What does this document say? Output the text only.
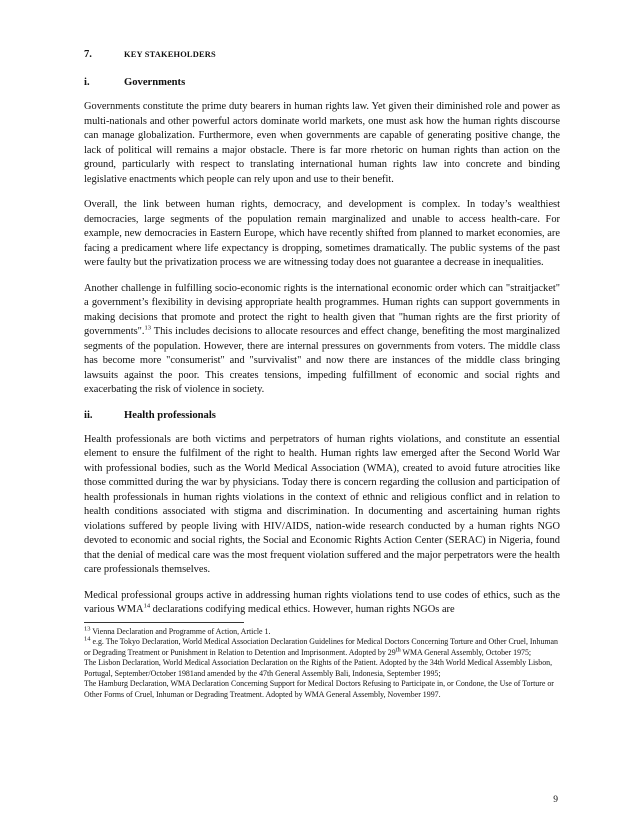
7.	KEY STAKEHOLDERS
i.	Governments

Governments constitute the prime duty bearers in human rights law. Yet given their diminished role and power as multi-nationals and other powerful actors dominate world markets, one must ask how the human rights discourse can manage globalization. Furthermore, even when governments are capable of generating positive change, the lack of political will remains a major obstacle. There is far more rhetoric on human rights than action on the ground, particularly with respect to translating international human rights law into concrete and binding legislative enactments which people can rely upon and use to their benefit.

Overall, the link between human rights, democracy, and development is complex. In today’s wealthiest democracies, large segments of the population remain marginalized and unable to access health-care. For example, new democracies in Eastern Europe, which have recently shifted from planned to market economies, are facing a predicament where life expectancy is dropping, sometimes dramatically. The public systems of the past were faulty but the privatization process we are witnessing today does not guarantee a decrease in inequalities.

Another challenge in fulfilling socio-economic rights is the international economic order which can "straitjacket" a government’s flexibility in devising appropriate health programmes. Human rights can support governments in making decisions that promote and protect the right to health given that "human rights are the first priority of governments".$^{13}$ This includes decisions to allocate resources and effect change, benefiting the most marginalized segments of the population. However, there are internal pressures on governments from voters. The middle class has become more "consumerist" and "survivalist" and now there are instances of the middle class bringing lawsuits against the poor. This creates tensions, impeding fulfillment of economic and social rights and exacerbating the risk of violence in society.

ii.	Health professionals

Health professionals are both victims and perpetrators of human rights violations, and constitute an essential element to ensure the fulfilment of the right to health. Human rights law emerged after the Second World War with professional bodies, such as the World Medical Association (WMA), created to avoid future atrocities like those committed during the war by physicians. Today there is concern regarding the collusion and participation of health professionals in human rights violations in the context of ethnic and religious conflict and in relation to health conditions associated with stigma and discrimination. In documenting and ascertaining human rights violations suffered by people living with HIV/AIDS, nation-wide research conducted by a human rights NGO devoted to economic and social rights, the Social and Economic Rights Action Center (SERAC) in Nigeria, found that the denial of medical care was the most frequent violation suffered and the major perpetrators were the health care professionals themselves.

Medical professional groups active in addressing human rights violations tend to use codes of ethics, such as the various WMA$^{14}$ declarations codifying medical ethics. However, human rights NGOs are

$^{13}$ Vienna Declaration and Programme of Action, Article 1.

$^{14}$ e.g. The Tokyo Declaration, World Medical Association Declaration Guidelines for Medical Doctors Concerning Torture and Other Cruel, Inhuman or Degrading Treatment or Punishment in Relation to Detention and Imprisonment. Adopted by 29th WMA General Assembly, October 1975;

The Lisbon Declaration, World Medical Association Declaration on the Rights of the Patient. Adopted by the 34th World Medical Assembly Lisbon, Portugal, September/October 1981and amended by the 47th General Assembly Bali, Indonesia, September 1995;

The Hamburg Declaration, WMA Declaration Concerning Support for Medical Doctors Refusing to Participate in, or Condone, the Use of Torture or Other Forms of Cruel, Inhuman or Degrading Treatment. Adopted by WMA General Assembly, November 1997.

9
